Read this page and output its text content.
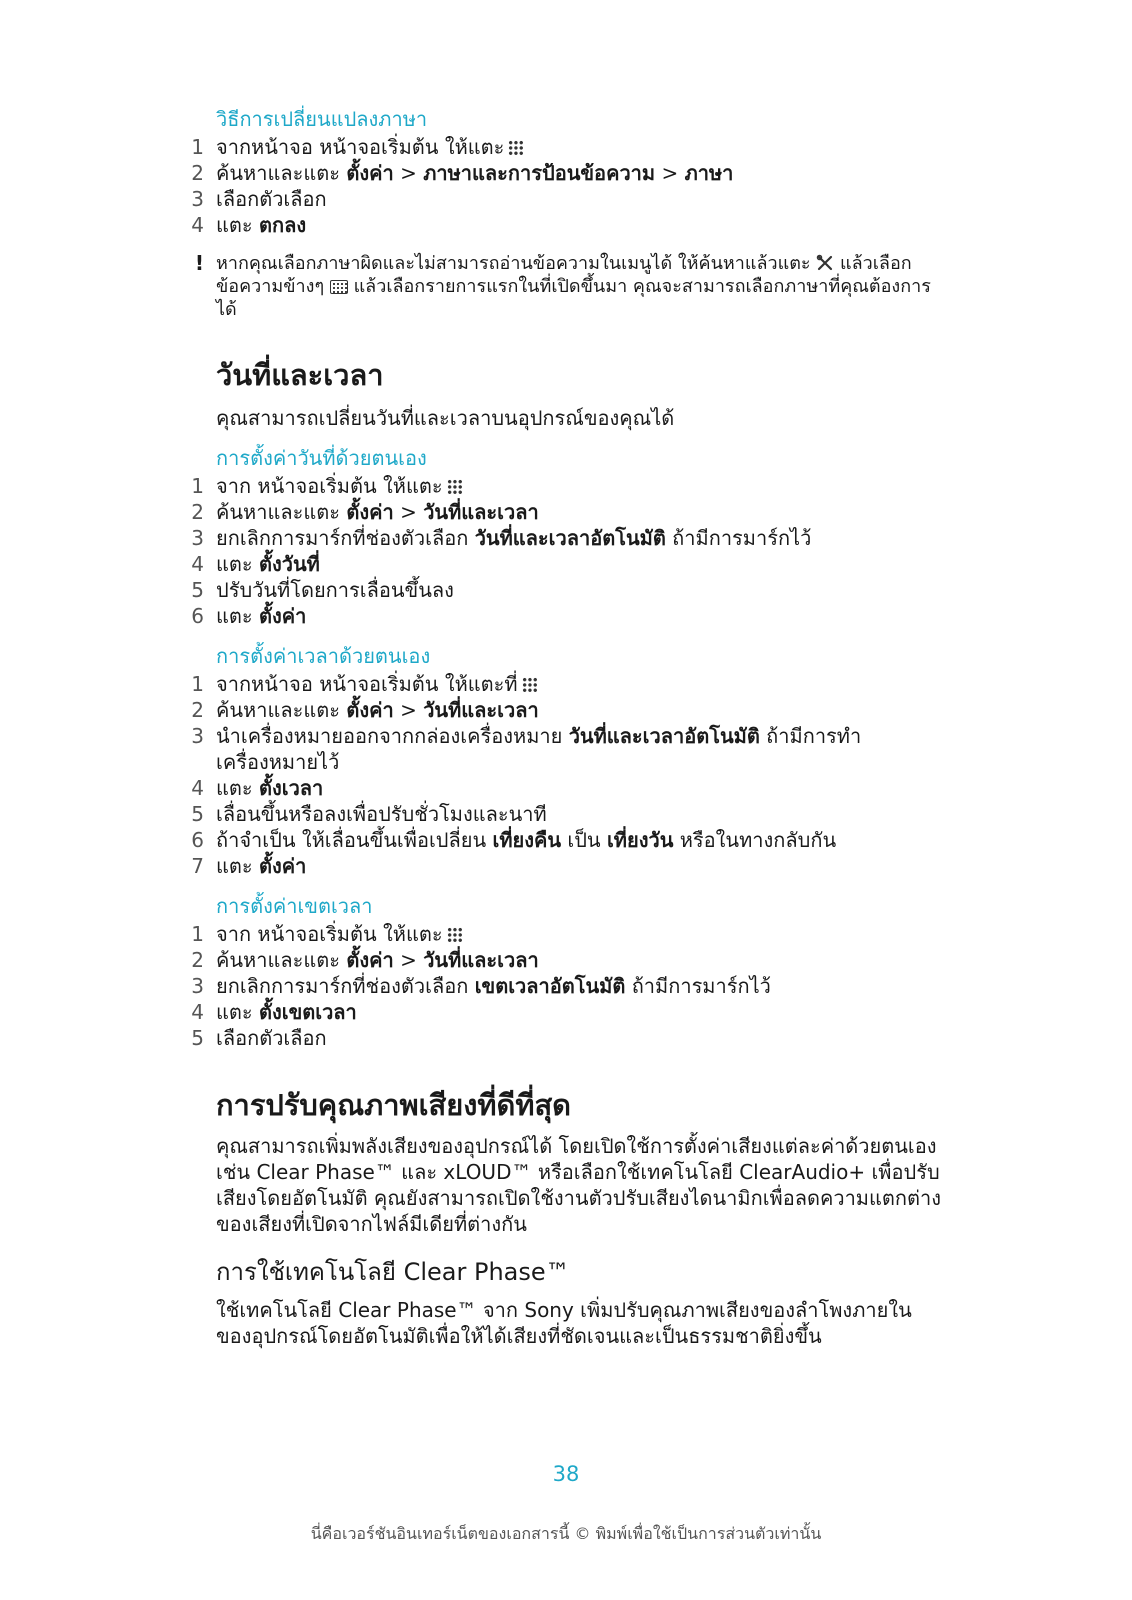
วิธีการเปลี่ยนแปลงภาษา
1 จากหน้าจอ หน้าจอเริ่มต้น ให้แตะ
2 ค้นหาและแตะ ตั้งค่า > ภาษาและการป้อนข้อความ > ภาษา
3 เลือกตัวเลือก
4 แตะ ตกลง
! หากคุณเลือกภาษาผิดและไม่สามารถอ่านข้อความในเมนูได้ ให้ค้นหาแล้วแตะ แล้วเลือกข้อความข้างๆ แล้วเลือกรายการแรกในที่เปิดขึ้นมา คุณจะสามารถเลือกภาษาที่คุณต้องการได้
วันที่และเวลา

คุณสามารถเปลี่ยนวันที่และเวลาบนอุปกรณ์ของคุณได้

การตั้งค่าวันที่ด้วยตนเอง
1 จาก หน้าจอเริ่มต้น ให้แตะ
2 ค้นหาและแตะ ตั้งค่า > วันที่และเวลา
3 ยกเลิกการมาร์กที่ช่องตัวเลือก วันที่และเวลาอัตโนมัติ ถ้ามีการมาร์กไว้
4 แตะ ตั้งวันที่
5 ปรับวันที่โดยการเลื่อนขึ้นลง
6 แตะ ตั้งค่า
การตั้งค่าเวลาด้วยตนเอง
1 จากหน้าจอ หน้าจอเริ่มต้น ให้แตะที่
2 ค้นหาและแตะ ตั้งค่า > วันที่และเวลา
3 นำเครื่องหมายออกจากกล่องเครื่องหมาย วันที่และเวลาอัตโนมัติ ถ้ามีการทำเครื่องหมายไว้
4 แตะ ตั้งเวลา
5 เลื่อนขึ้นหรือลงเพื่อปรับชั่วโมงและนาที
6 ถ้าจำเป็น ให้เลื่อนขึ้นเพื่อเปลี่ยน เที่ยงคืน เป็น เที่ยงวัน หรือในทางกลับกัน
7 แตะ ตั้งค่า
การตั้งค่าเขตเวลา
1 จาก หน้าจอเริ่มต้น ให้แตะ
2 ค้นหาและแตะ ตั้งค่า > วันที่และเวลา
3 ยกเลิกการมาร์กที่ช่องตัวเลือก เขตเวลาอัตโนมัติ ถ้ามีการมาร์กไว้
4 แตะ ตั้งเขตเวลา
5 เลือกตัวเลือก
การปรับคุณภาพเสียงที่ดีที่สุด

คุณสามารถเพิ่มพลังเสียงของอุปกรณ์ได้ โดยเปิดใช้การตั้งค่าเสียงแต่ละค่าด้วยตนเอง เช่น Clear Phase™ และ xLOUD™ หรือเลือกใช้เทคโนโลยี ClearAudio+ เพื่อปรับเสียงโดยอัตโนมัติ คุณยังสามารถเปิดใช้งานตัวปรับเสียงไดนามิกเพื่อลดความแตกต่างของเสียงที่เปิดจากไฟล์มีเดียที่ต่างกัน

การใช้เทคโนโลยี Clear Phase™

ใช้เทคโนโลยี Clear Phase™ จาก Sony เพิ่มปรับคุณภาพเสียงของลำโพงภายในของอุปกรณ์โดยอัตโนมัติเพื่อให้ได้เสียงที่ชัดเจนและเป็นธรรมชาติยิ่งขึ้น

38
นี่คือเวอร์ชันอินเทอร์เน็ตของเอกสารนี้ © พิมพ์เพื่อใช้เป็นการส่วนตัวเท่านั้น
